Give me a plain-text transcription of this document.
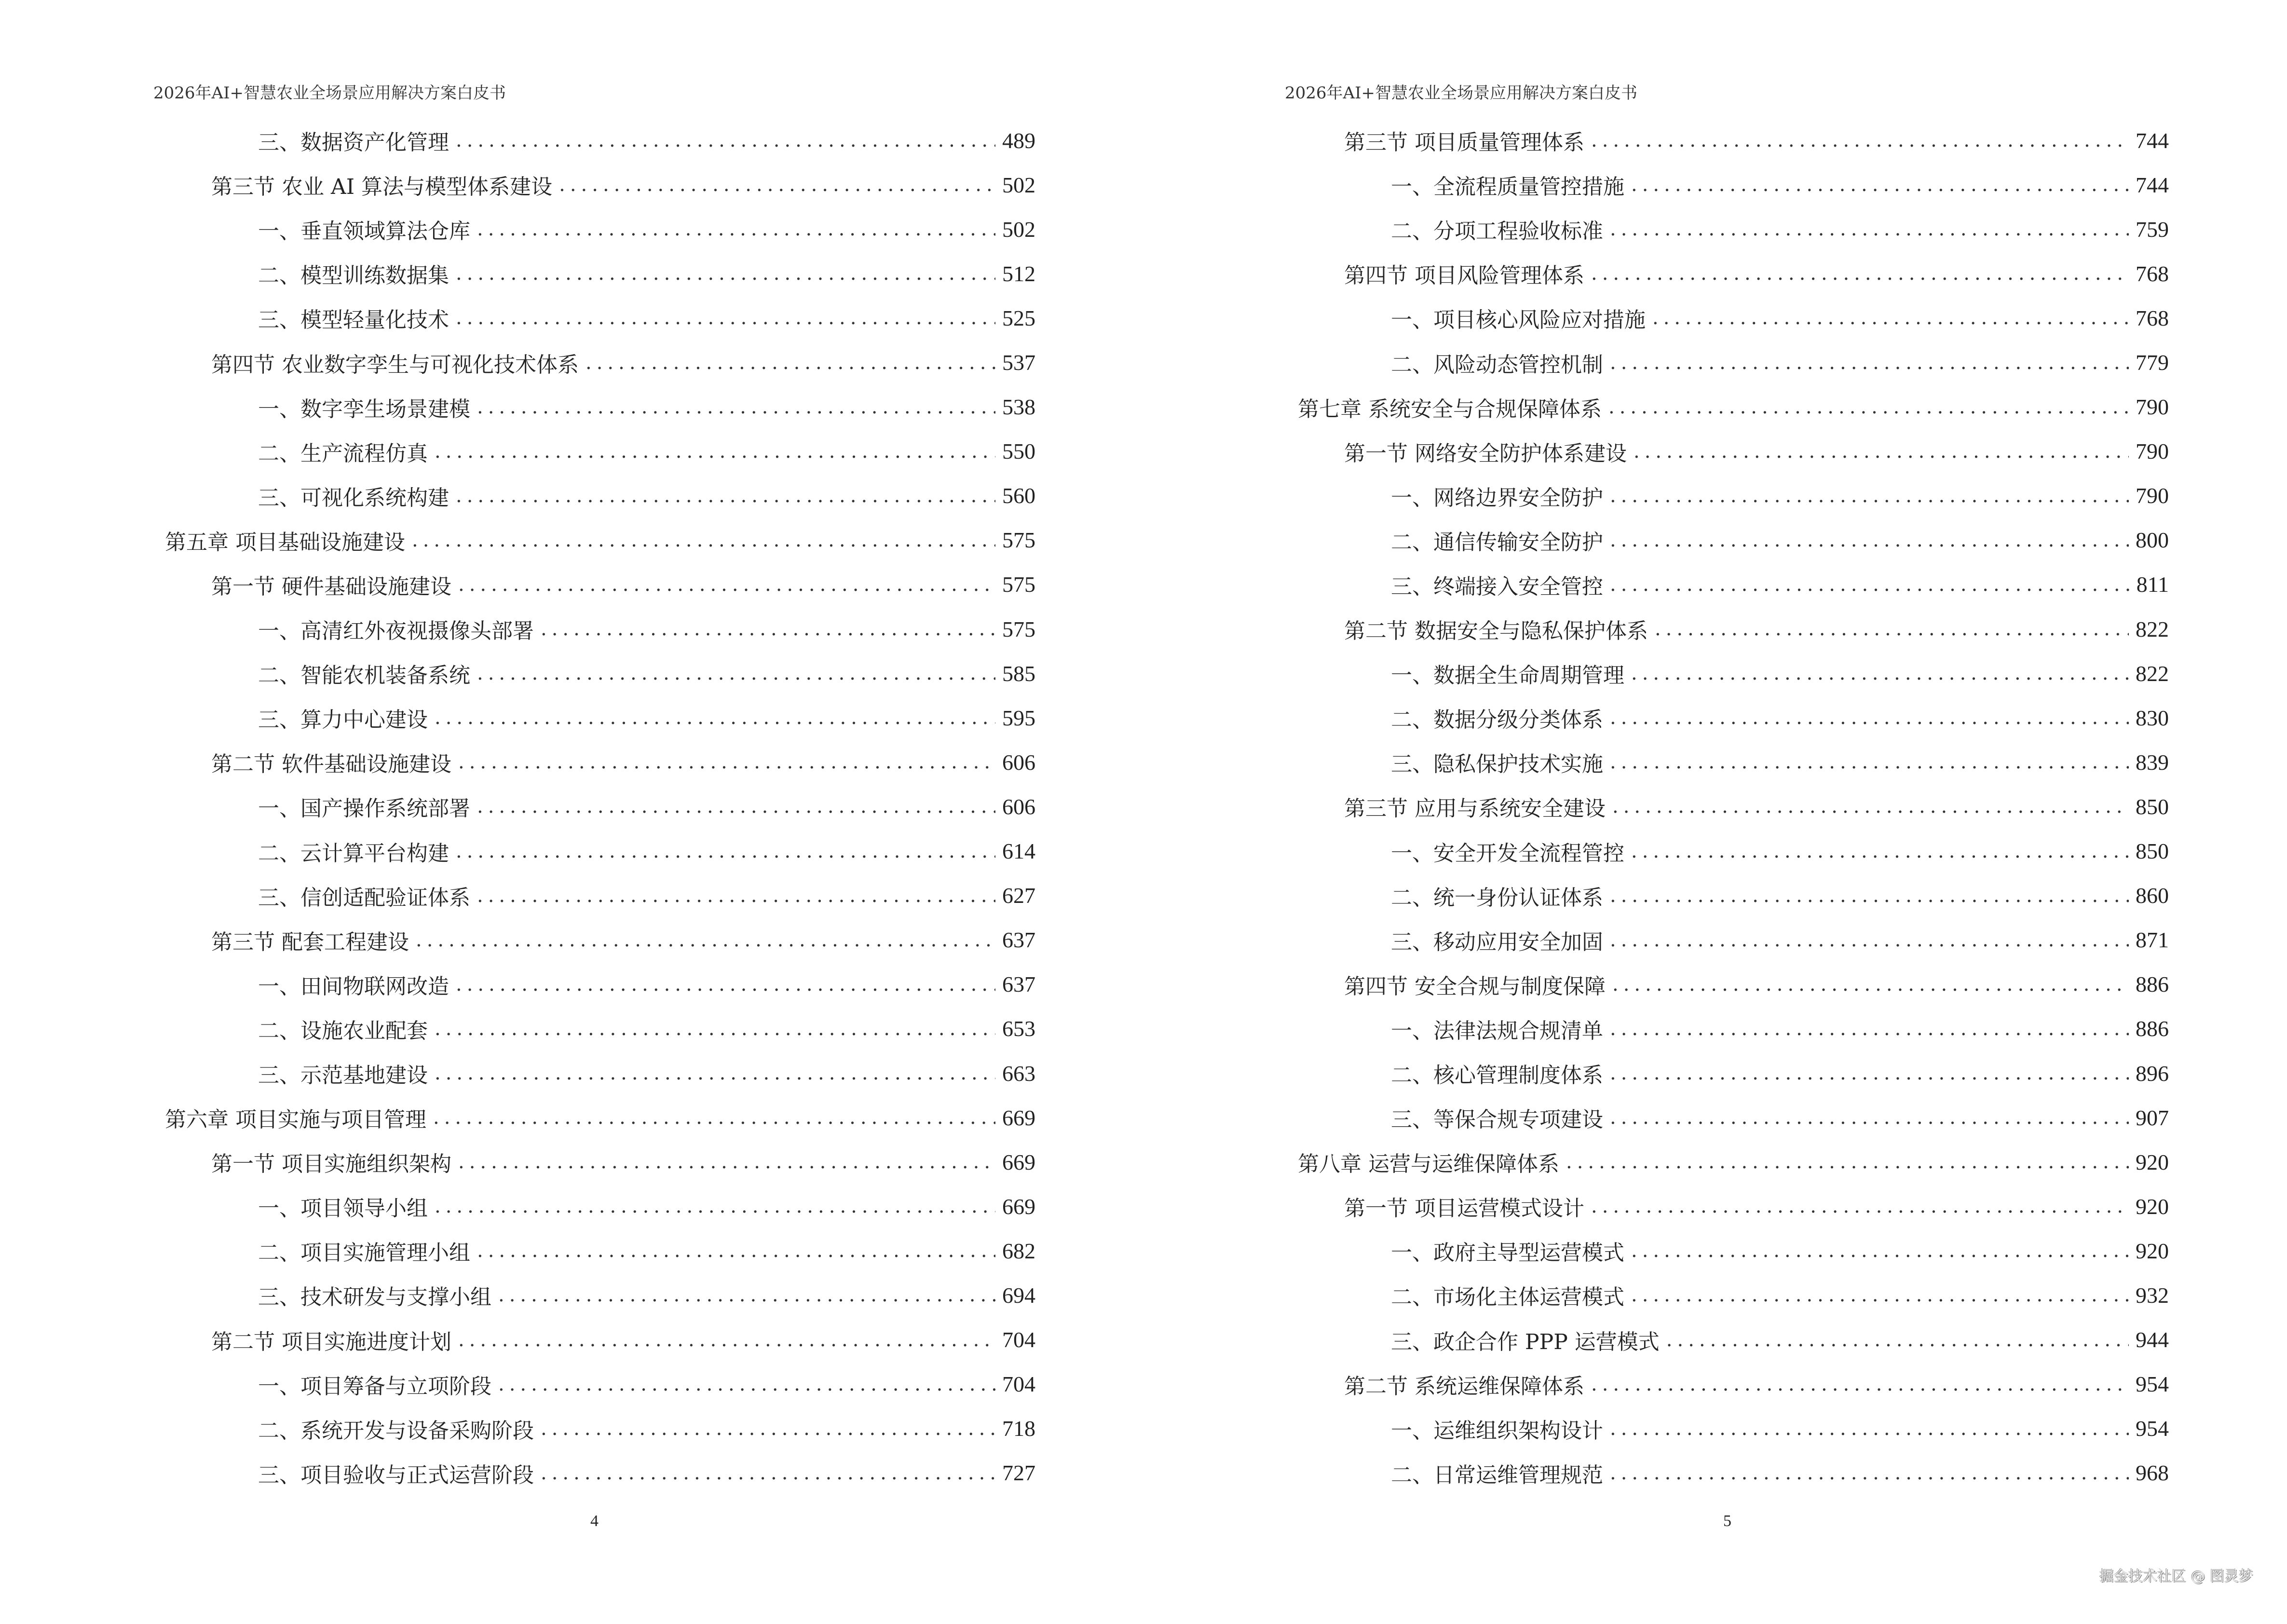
2026年AI+智慧农业全场景应用解决方案白皮书
三、数据资产化管理 .....	489
第三节 农业 AI 算法与模型体系建设 .....	502
一、垂直领域算法仓库 .....	502
二、模型训练数据集 .....	512
三、模型轻量化技术 .....	525
第四节 农业数字孪生与可视化技术体系 .....	537
一、数字孪生场景建模 .....	538
二、生产流程仿真 .....	550
三、可视化系统构建 .....	560
第五章 项目基础设施建设 .....	575
第一节 硬件基础设施建设 .....	575
一、高清红外夜视摄像头部署 .....	575
二、智能农机装备系统 .....	585
三、算力中心建设 .....	595
第二节 软件基础设施建设 .....	606
一、国产操作系统部署 .....	606
二、云计算平台构建 .....	614
三、信创适配验证体系 .....	627
第三节 配套工程建设 .....	637
一、田间物联网改造 .....	637
二、设施农业配套 .....	653
三、示范基地建设 .....	663
第六章 项目实施与项目管理 .....	669
第一节 项目实施组织架构 .....	669
一、项目领导小组 .....	669
二、项目实施管理小组 .....	682
三、技术研发与支撑小组 .....	694
第二节 项目实施进度计划 .....	704
一、项目筹备与立项阶段 .....	704
二、系统开发与设备采购阶段 .....	718
三、项目验收与正式运营阶段 .....	727
4
2026年AI+智慧农业全场景应用解决方案白皮书
第三节 项目质量管理体系 .....	744
一、全流程质量管控措施 .....	744
二、分项工程验收标准 .....	759
第四节 项目风险管理体系 .....	768
一、项目核心风险应对措施 .....	768
二、风险动态管控机制 .....	779
第七章 系统安全与合规保障体系 .....	790
第一节 网络安全防护体系建设 .....	790
一、网络边界安全防护 .....	790
二、通信传输安全防护 .....	800
三、终端接入安全管控 .....	811
第二节 数据安全与隐私保护体系 .....	822
一、数据全生命周期管理 .....	822
二、数据分级分类体系 .....	830
三、隐私保护技术实施 .....	839
第三节 应用与系统安全建设 .....	850
一、安全开发全流程管控 .....	850
二、统一身份认证体系 .....	860
三、移动应用安全加固 .....	871
第四节 安全合规与制度保障 .....	886
一、法律法规合规清单 .....	886
二、核心管理制度体系 .....	896
三、等保合规专项建设 .....	907
第八章 运营与运维保障体系 .....	920
第一节 项目运营模式设计 .....	920
一、政府主导型运营模式 .....	920
二、市场化主体运营模式 .....	932
三、政企合作 PPP 运营模式 .....	944
第二节 系统运维保障体系 .....	954
一、运维组织架构设计 .....	954
二、日常运维管理规范 .....	968
5
掘金技术社区 @ 图灵梦
